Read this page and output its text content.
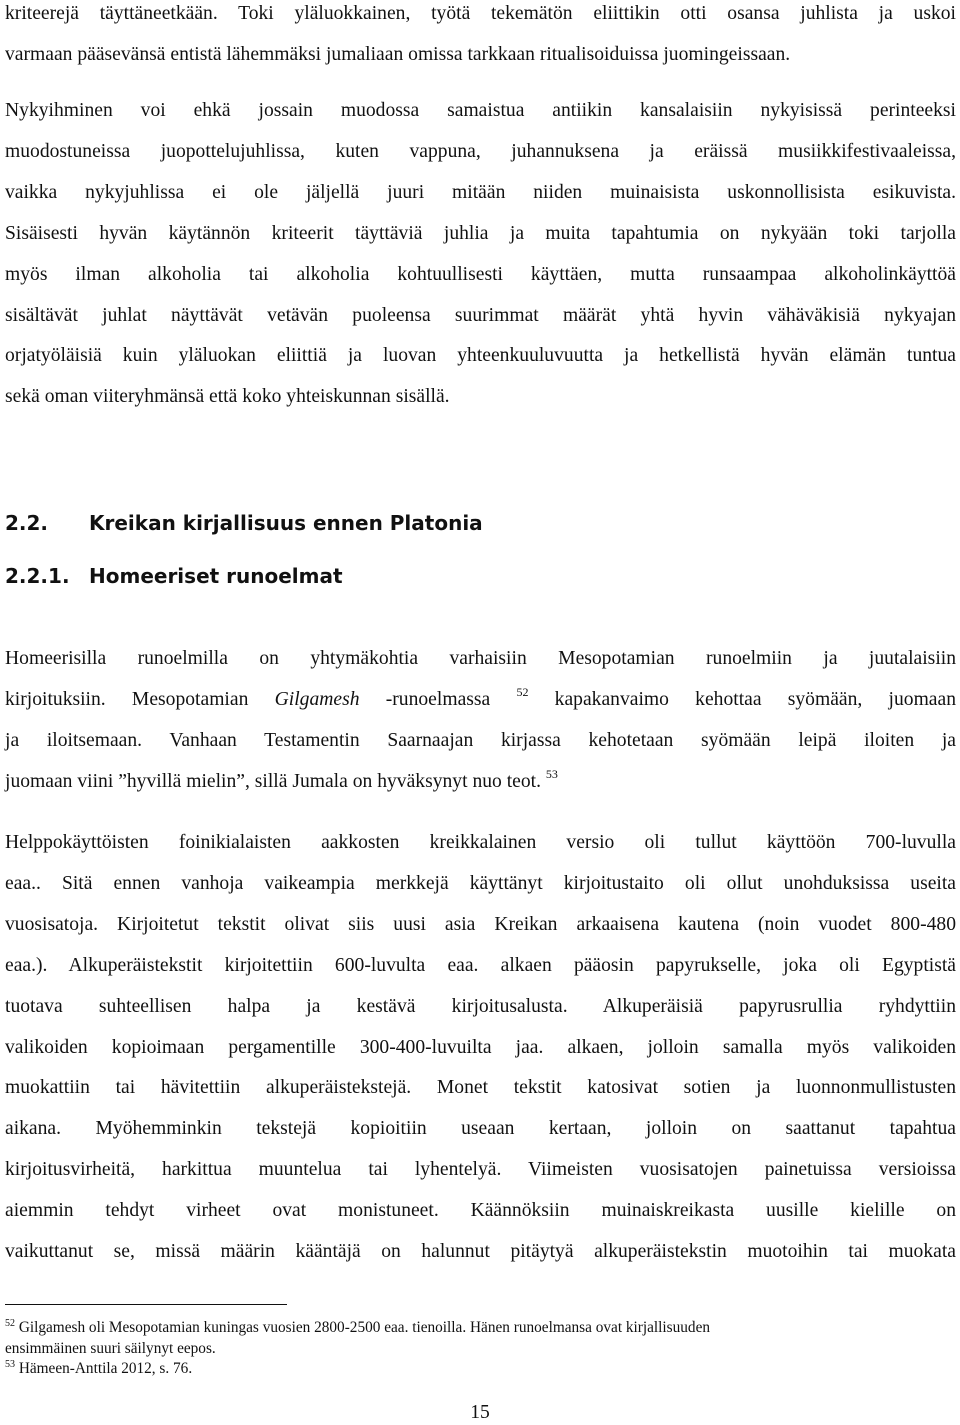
kriteerejä täyttäneetkään. Toki yläluokkainen, työtä tekemätön eliittikin otti osansa juhlista ja uskoi
varmaan pääsevänsä entistä lähemmäksi jumaliaan omissa tarkkaan ritualisoiduissa juomingeissaan.
Nykyihminen voi ehkä jossain muodossa samaistua antiikin kansalaisiin nykyisissä perinteeksi
muodostuneissa juopottelujuhlissa, kuten vappuna, juhannuksena ja eräissä musiikkifestivaaleissa,
vaikka nykyjuhlissa ei ole jäljellä juuri mitään niiden muinaisista uskonnollisista esikuvista.
Sisäisesti hyvän käytännön kriteerit täyttäviä juhlia ja muita tapahtumia on nykyään toki tarjolla
myös ilman alkoholia tai alkoholia kohtuullisesti käyttäen, mutta runsaampaa alkoholinkäyttöä
sisältävät juhlat näyttävät vetävän puoleensa suurimmat määrät yhtä hyvin vähäväkisiä nykyajan
orjatyöläisiä kuin yläluokan eliittiä ja luovan yhteenkuuluvuutta ja hetkellistä hyvän elämän tuntua
sekä oman viiteryhmänsä että koko yhteiskunnan sisällä.
2.2. Kreikan kirjallisuus ennen Platonia
2.2.1. Homeeriset runoelmat
Homeerisilla runoelmilla on yhtymäkohtia varhaisiin Mesopotamian runoelmiin ja juutalaisiin
kirjoituksiin. Mesopotamian Gilgamesh -runoelmassa $^{52}$ kapakanvaimo kehottaa syömään, juomaan
ja iloitsemaan. Vanhaan Testamentin Saarnaajan kirjassa kehotetaan syömään leipä iloiten ja
juomaan viini ”hyvillä mielin”, sillä Jumala on hyväksynyt nuo teot. $^{53}$
Helppokäyttöisten foinikialaisten aakkosten kreikkalainen versio oli tullut käyttöön 700-luvulla
eaa.. Sitä ennen vanhoja vaikeampia merkkejä käyttänyt kirjoitustaito oli ollut unohduksissa useita
vuosisatoja. Kirjoitetut tekstit olivat siis uusi asia Kreikan arkaaisena kautena (noin vuodet 800-480
eaa.). Alkuperäistekstit kirjoitettiin 600-luvulta eaa. alkaen pääosin papyrukselle, joka oli Egyptistä
tuotava suhteellisen halpa ja kestävä kirjoitusalusta. Alkuperäisiä papyrusrullia ryhdyttiin
valikoiden kopioimaan pergamentille 300-400-luvuilta jaa. alkaen, jolloin samalla myös valikoiden
muokattiin tai hävitettiin alkuperäistekstejä. Monet tekstit katosivat sotien ja luonnonmullistusten
aikana. Myöhemminkin tekstejä kopioitiin useaan kertaan, jolloin on saattanut tapahtua
kirjoitusvirheitä, harkittua muuntelua tai lyhentelyä. Viimeisten vuosisatojen painetuissa versioissa
aiemmin tehdyt virheet ovat monistuneet. Käännöksiin muinaiskreikasta uusille kielille on
vaikuttanut se, missä määrin kääntäjä on halunnut pitäytyä alkuperäistekstin muotoihin tai muokata
$^{52}$ Gilgamesh oli Mesopotamian kuningas vuosien 2800-2500 eaa. tienoilla. Hänen runoelmansa ovat kirjallisuuden
ensimmäinen suuri säilynyt eepos.
$^{53}$ Hämeen-Anttila 2012, s. 76.
15
